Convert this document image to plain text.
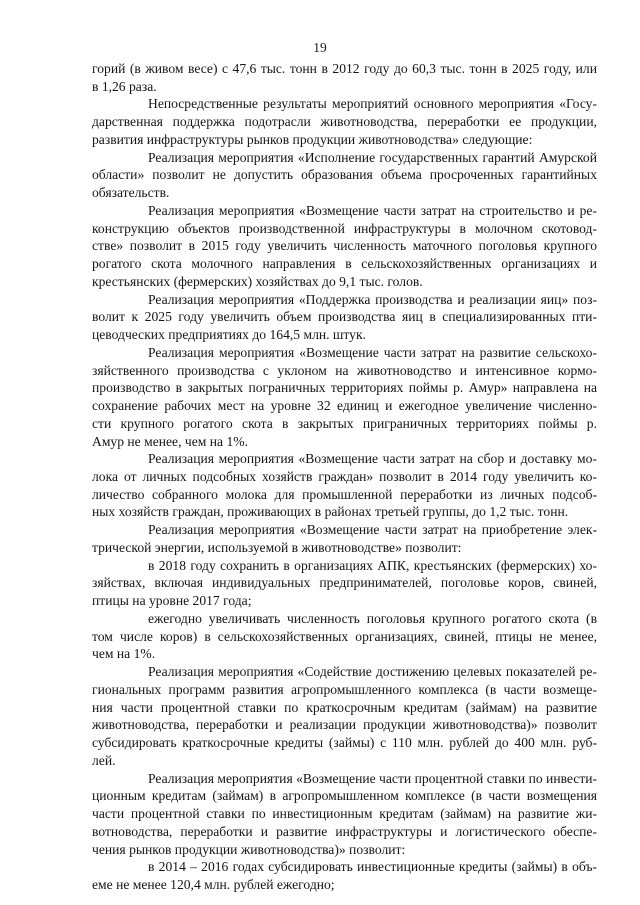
19
горий (в живом весе) с 47,6 тыс. тонн в 2012 году до 60,3 тыс. тонн в 2025 году, или
в 1,26 раза.
Непосредственные результаты мероприятий основного мероприятия «Госу-
дарственная поддержка подотрасли животноводства, переработки ее продукции,
развития инфраструктуры рынков продукции животноводства» следующие:
Реализация мероприятия «Исполнение государственных гарантий Амурской
области» позволит не допустить образования объема просроченных гарантийных
обязательств.
Реализация мероприятия «Возмещение части затрат на строительство и ре-
конструкцию объектов производственной инфраструктуры в молочном скотовод-
стве» позволит в 2015 году увеличить численность маточного поголовья крупного
рогатого скота молочного направления в сельскохозяйственных организациях и
крестьянских (фермерских) хозяйствах до 9,1 тыс. голов.
Реализация мероприятия «Поддержка производства и реализации яиц» поз-
волит к 2025 году увеличить объем производства яиц в специализированных пти-
цеводческих предприятиях до 164,5 млн. штук.
Реализация мероприятия «Возмещение части затрат на развитие сельскохо-
зяйственного производства с уклоном на животноводство и интенсивное кормо-
производство в закрытых пограничных территориях поймы р. Амур» направлена на
сохранение рабочих мест на уровне 32 единиц и ежегодное увеличение численно-
сти крупного рогатого скота в закрытых приграничных территориях поймы р.
Амур не менее, чем на 1%.
Реализация мероприятия «Возмещение части затрат на сбор и доставку мо-
лока от личных подсобных хозяйств граждан» позволит в 2014 году увеличить ко-
личество собранного молока для промышленной переработки из личных подсоб-
ных хозяйств граждан, проживающих в районах третьей группы, до 1,2 тыс. тонн.
Реализация мероприятия «Возмещение части затрат на приобретение элек-
трической энергии, используемой в животноводстве» позволит:
в 2018 году сохранить в организациях АПК, крестьянских (фермерских) хо-
зяйствах, включая индивидуальных предпринимателей, поголовье коров, свиней,
птицы на уровне 2017 года;
ежегодно увеличивать численность поголовья крупного рогатого скота (в
том числе коров) в сельскохозяйственных организациях, свиней, птицы не менее,
чем на 1%.
Реализация мероприятия «Содействие достижению целевых показателей ре-
гиональных программ развития агропромышленного комплекса (в части возмеще-
ния части процентной ставки по краткосрочным кредитам (займам) на развитие
животноводства, переработки и реализации продукции животноводства)» позволит
субсидировать краткосрочные кредиты (займы) с 110 млн. рублей до 400 млн. руб-
лей.
Реализация мероприятия «Возмещение части процентной ставки по инвести-
ционным кредитам (займам) в агропромышленном комплексе (в части возмещения
части процентной ставки по инвестиционным кредитам (займам) на развитие жи-
вотноводства, переработки и развитие инфраструктуры и логистического обеспе-
чения рынков продукции животноводства)» позволит:
в 2014 – 2016 годах субсидировать инвестиционные кредиты (займы) в объ-
еме не менее 120,4 млн. рублей ежегодно;
